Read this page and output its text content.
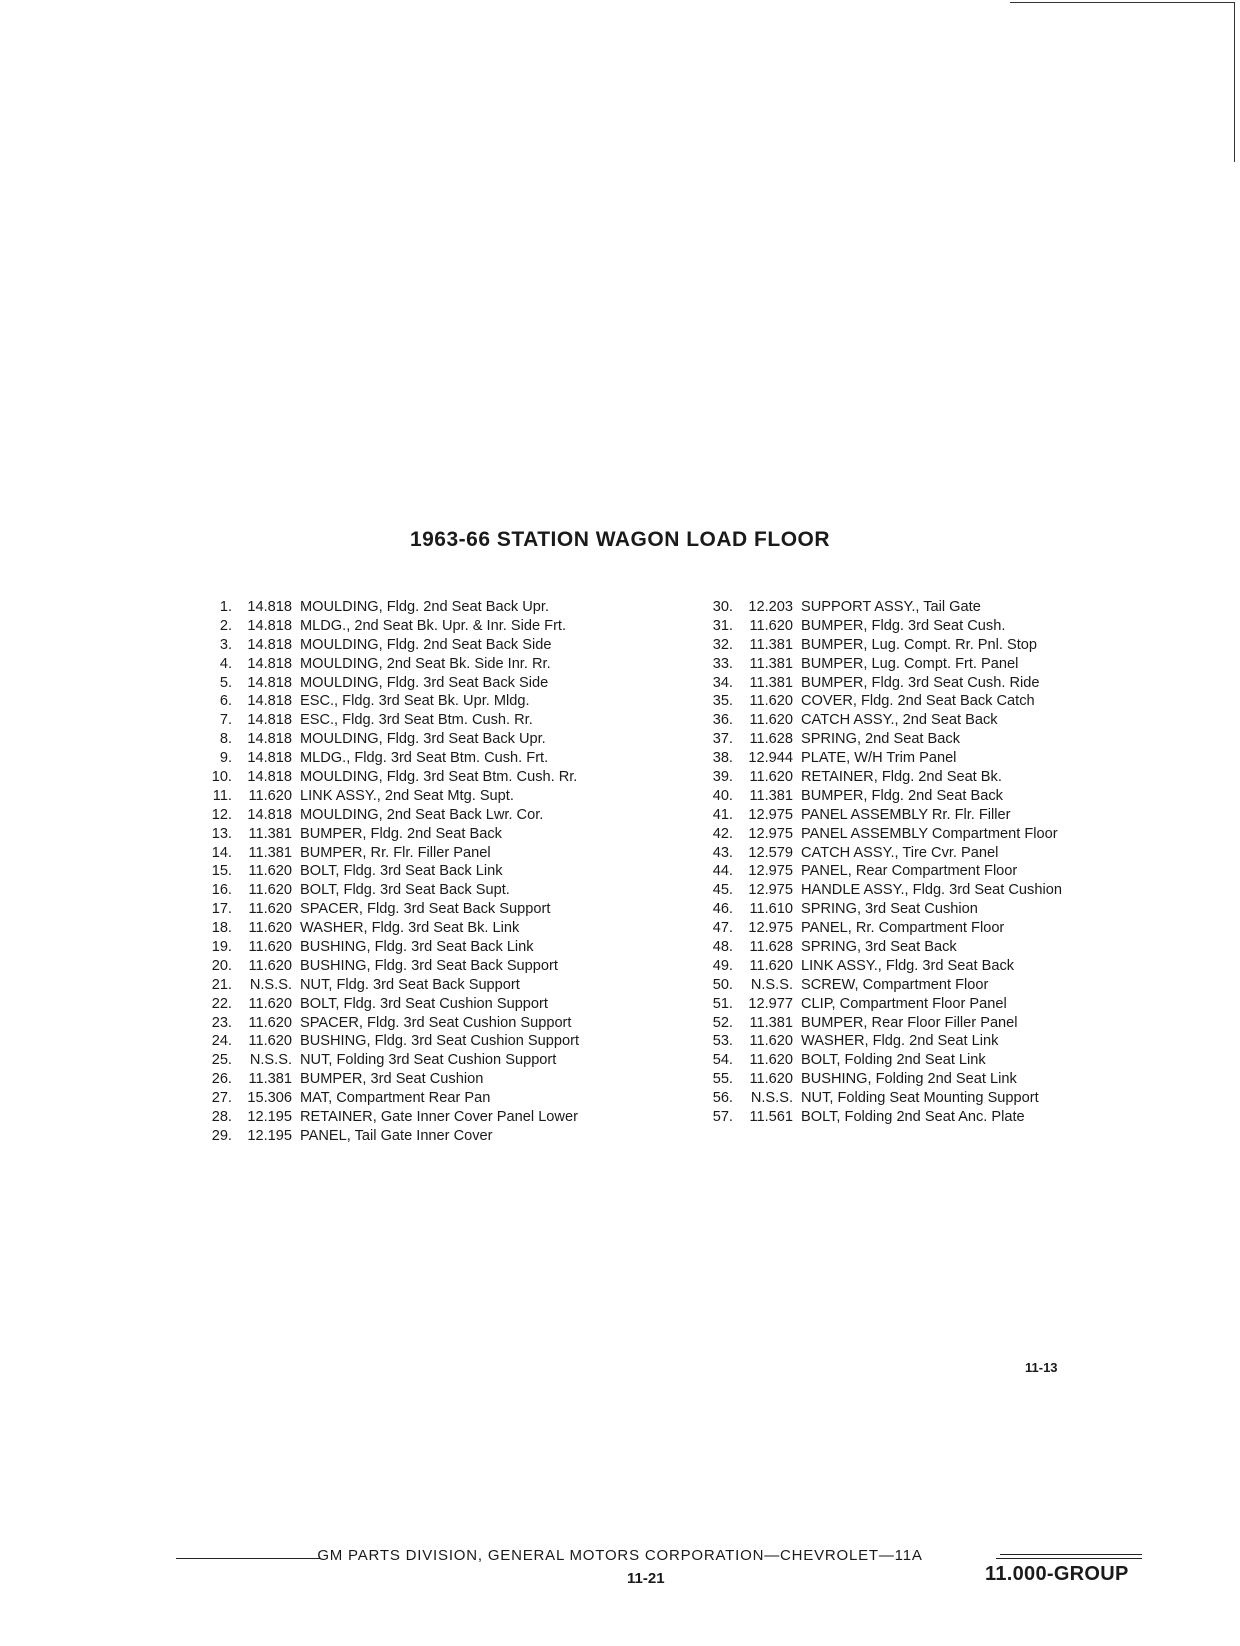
1963-66 STATION WAGON LOAD FLOOR
1.	14.818 MOULDING, Fldg. 2nd Seat Back Upr.
2.	14.818 MLDG., 2nd Seat Bk. Upr. & Inr. Side Frt.
3.	14.818 MOULDING, Fldg. 2nd Seat Back Side
4.	14.818 MOULDING, 2nd Seat Bk. Side Inr. Rr.
5.	14.818 MOULDING, Fldg. 3rd Seat Back Side
6.	14.818 ESC., Fldg. 3rd Seat Bk. Upr. Mldg.
7.	14.818 ESC., Fldg. 3rd Seat Btm. Cush. Rr.
8.	14.818 MOULDING, Fldg. 3rd Seat Back Upr.
9.	14.818 MLDG., Fldg. 3rd Seat Btm. Cush. Frt.
10.	14.818 MOULDING, Fldg. 3rd Seat Btm. Cush. Rr.
11.	11.620 LINK ASSY., 2nd Seat Mtg. Supt.
12.	14.818 MOULDING, 2nd Seat Back Lwr. Cor.
13.	11.381 BUMPER, Fldg. 2nd Seat Back
14.	11.381 BUMPER, Rr. Flr. Filler Panel
15.	11.620 BOLT, Fldg. 3rd Seat Back Link
16.	11.620 BOLT, Fldg. 3rd Seat Back Supt.
17.	11.620 SPACER, Fldg. 3rd Seat Back Support
18.	11.620 WASHER, Fldg. 3rd Seat Bk. Link
19.	11.620 BUSHING, Fldg. 3rd Seat Back Link
20.	11.620 BUSHING, Fldg. 3rd Seat Back Support
21.	N.S.S. NUT, Fldg. 3rd Seat Back Support
22.	11.620 BOLT, Fldg. 3rd Seat Cushion Support
23.	11.620 SPACER, Fldg. 3rd Seat Cushion Support
24.	11.620 BUSHING, Fldg. 3rd Seat Cushion Support
25.	N.S.S. NUT, Folding 3rd Seat Cushion Support
26.	11.381 BUMPER, 3rd Seat Cushion
27.	15.306 MAT, Compartment Rear Pan
28.	12.195 RETAINER, Gate Inner Cover Panel Lower
29.	12.195 PANEL, Tail Gate Inner Cover
30.	12.203 SUPPORT ASSY., Tail Gate
31.	11.620 BUMPER, Fldg. 3rd Seat Cush.
32.	11.381 BUMPER, Lug. Compt. Rr. Pnl. Stop
33.	11.381 BUMPER, Lug. Compt. Frt. Panel
34.	11.381 BUMPER, Fldg. 3rd Seat Cush. Ride
35.	11.620 COVER, Fldg. 2nd Seat Back Catch
36.	11.620 CATCH ASSY., 2nd Seat Back
37.	11.628 SPRING, 2nd Seat Back
38.	12.944 PLATE, W/H Trim Panel
39.	11.620 RETAINER, Fldg. 2nd Seat Bk.
40.	11.381 BUMPER, Fldg. 2nd Seat Back
41.	12.975 PANEL ASSEMBLY Rr. Flr. Filler
42.	12.975 PANEL ASSEMBLY Compartment Floor
43.	12.579 CATCH ASSY., Tire Cvr. Panel
44.	12.975 PANEL, Rear Compartment Floor
45.	12.975 HANDLE ASSY., Fldg. 3rd Seat Cushion
46.	11.610 SPRING, 3rd Seat Cushion
47.	12.975 PANEL, Rr. Compartment Floor
48.	11.628 SPRING, 3rd Seat Back
49.	11.620 LINK ASSY., Fldg. 3rd Seat Back
50.	N.S.S. SCREW, Compartment Floor
51.	12.977 CLIP, Compartment Floor Panel
52.	11.381 BUMPER, Rear Floor Filler Panel
53.	11.620 WASHER, Fldg. 2nd Seat Link
54.	11.620 BOLT, Folding 2nd Seat Link
55.	11.620 BUSHING, Folding 2nd Seat Link
56.	N.S.S. NUT, Folding Seat Mounting Support
57.	11.561 BOLT, Folding 2nd Seat Anc. Plate
11-13
GM PARTS DIVISION, GENERAL MOTORS CORPORATION—CHEVROLET—11A
11-21	11.000-GROUP
